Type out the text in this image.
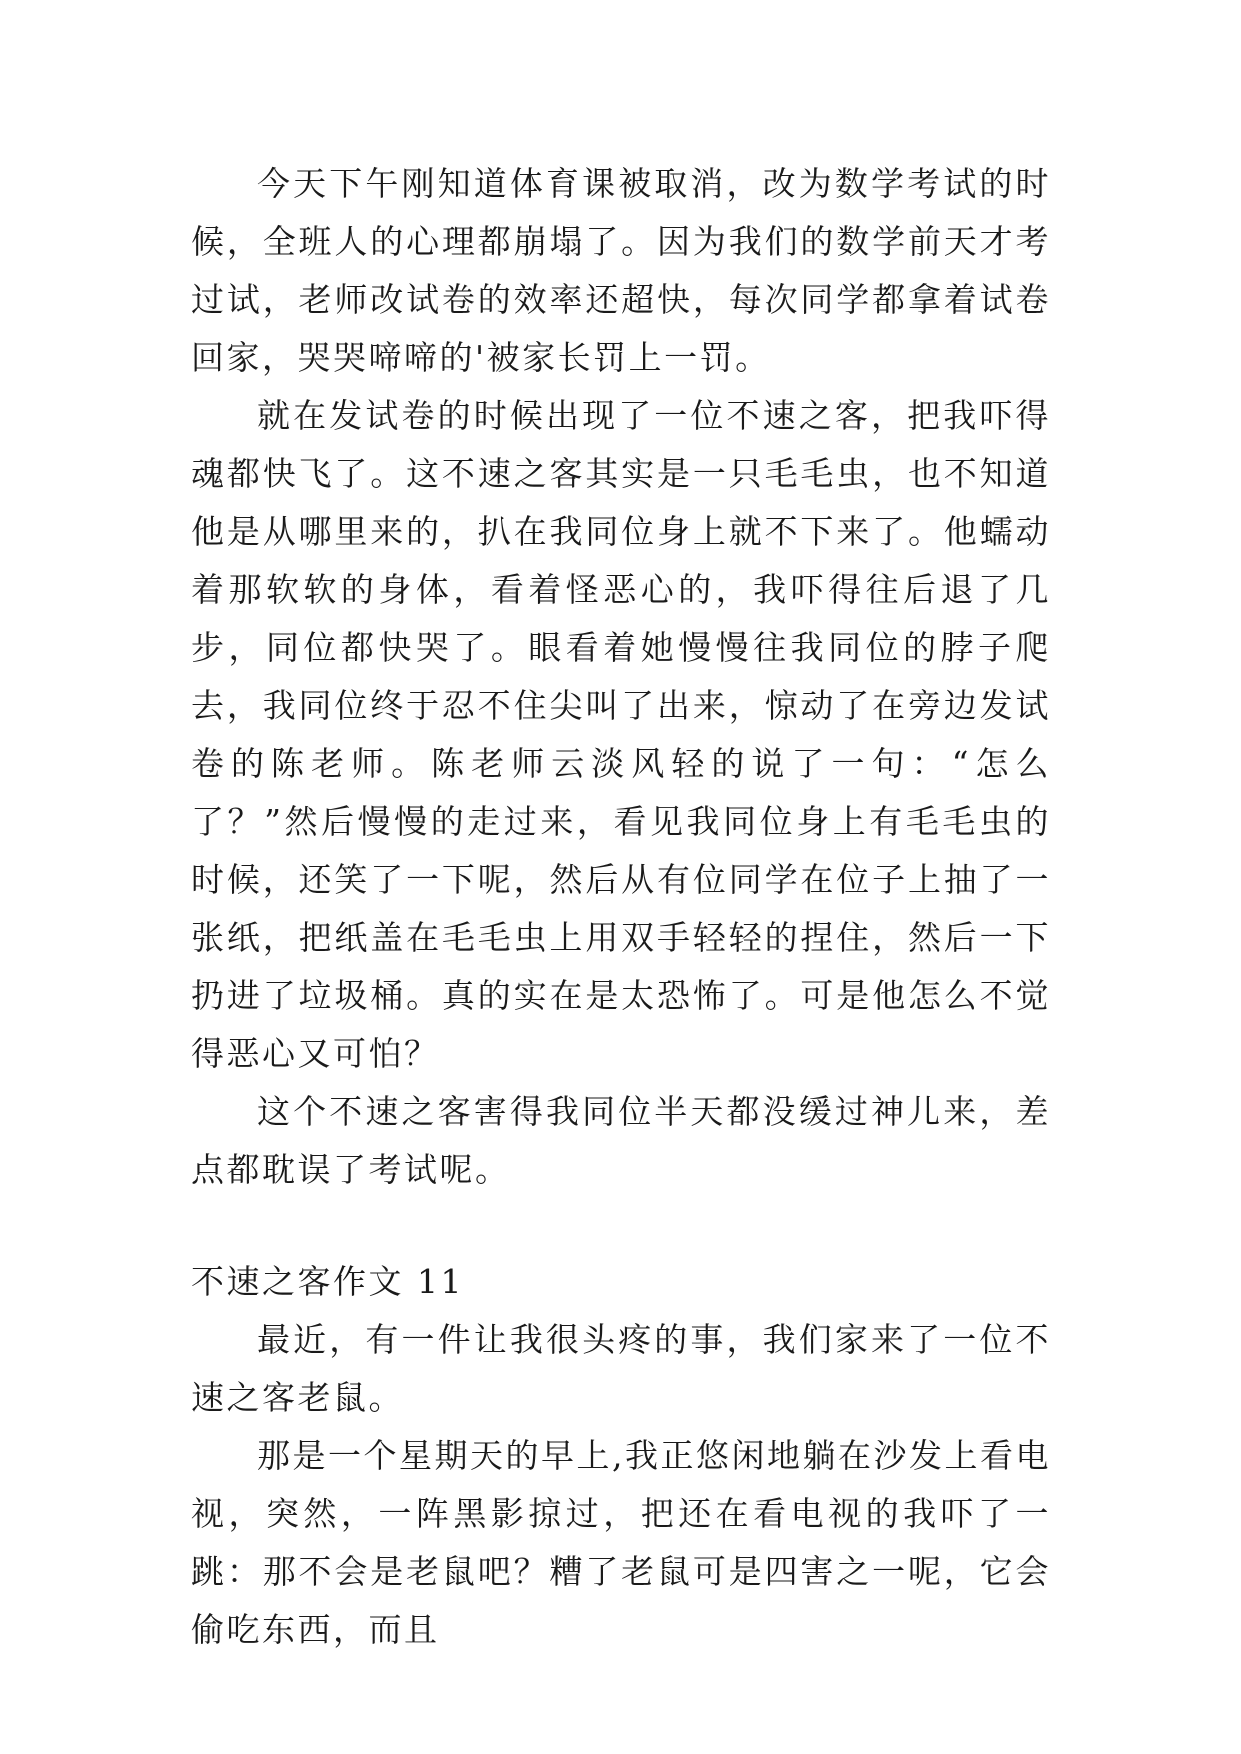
今天下午刚知道体育课被取消，改为数学考试的时候，全班人的心理都崩塌了。因为我们的数学前天才考过试，老师改试卷的效率还超快，每次同学都拿着试卷回家，哭哭啼啼的'被家长罚上一罚。

就在发试卷的时候出现了一位不速之客，把我吓得魂都快飞了。这不速之客其实是一只毛毛虫，也不知道他是从哪里来的，扒在我同位身上就不下来了。他蠕动着那软软的身体，看着怪恶心的，我吓得往后退了几步，同位都快哭了。眼看着她慢慢往我同位的脖子爬去，我同位终于忍不住尖叫了出来，惊动了在旁边发试卷的陈老师。陈老师云淡风轻的说了一句：“怎么了？”然后慢慢的走过来，看见我同位身上有毛毛虫的时候，还笑了一下呢，然后从有位同学在位子上抽了一张纸，把纸盖在毛毛虫上用双手轻轻的捏住，然后一下扔进了垃圾桶。真的实在是太恐怖了。可是他怎么不觉得恶心又可怕？

这个不速之客害得我同位半天都没缓过神儿来，差点都耽误了考试呢。

不速之客作文 11

最近，有一件让我很头疼的事，我们家来了一位不速之客老鼠。

那是一个星期天的早上,我正悠闲地躺在沙发上看电视，突然，一阵黑影掠过，把还在看电视的我吓了一跳：那不会是老鼠吧？糟了老鼠可是四害之一呢，它会偷吃东西，而且
